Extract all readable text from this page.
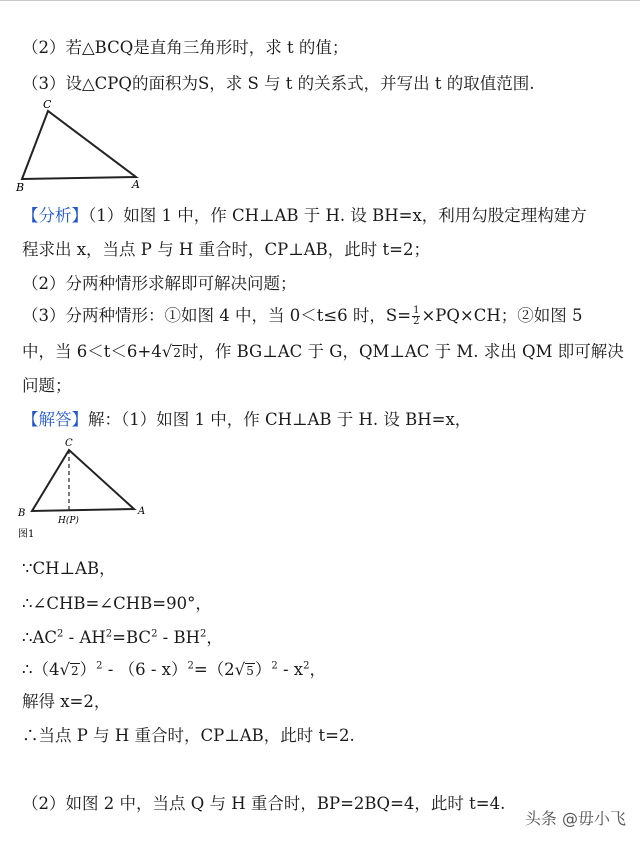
（2）若△BCQ是直角三角形时，求 t 的值；
（3）设△CPQ的面积为S，求 S 与 t 的关系式，并写出 t 的取值范围.
C
B	A
【分析】（1）如图 1 中，作 CH⊥AB 于 H. 设 BH=x，利用勾股定理构建方
程求出 x，当点 P 与 H 重合时，CP⊥AB，此时 t=2；
（2）分两种情形求解即可解决问题；
（3）分两种情形：①如图 4 中，当 0＜t≤6 时，$S= \frac{1}{2} \times PQ\times CH$；②如图 5
中，当 6＜t＜6+4√2时，作 BG⊥AC 于 G，QM⊥AC 于 M. 求出 QM 即可解决
问题；
【解答】解：（1）如图 1 中，作 CH⊥AB 于 H. 设 BH=x，
C
B	A
H(P)
图1
∵CH⊥AB，
∴∠CHB=∠CHB=90°，
$\therefore AC^2 - AH^2=BC^2 - BH^2$，
$\therefore(4√2)^2 - (6 - x)^2=(2√5)^2 - x^2$，
解得 x=2，
∴当点 P 与 H 重合时，CP⊥AB，此时 t=2.
（2）如图 2 中，当点 Q 与 H 重合时，BP=2BQ=4，此时 t=4.
头条 @毋小飞
